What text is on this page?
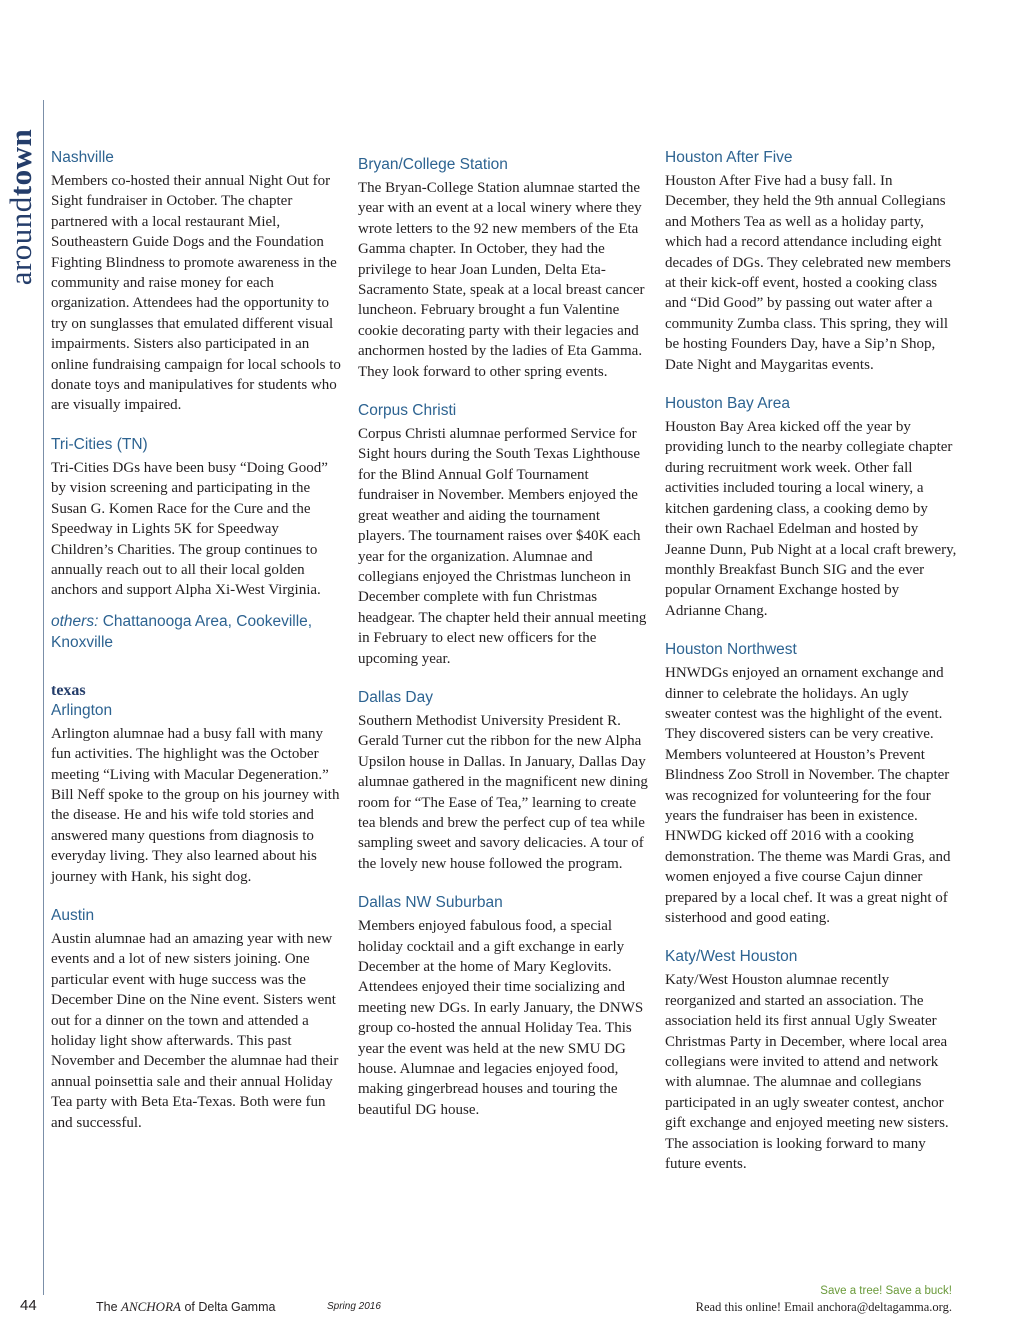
aroundtown Nashville
Members co-hosted their annual Night Out for Sight fundraiser in October. The chapter partnered with a local restaurant Miel, Southeastern Guide Dogs and the Foundation Fighting Blindness to promote awareness in the community and raise money for each organization. Attendees had the opportunity to try on sunglasses that emulated different visual impairments. Sisters also participated in an online fundraising campaign for local schools to donate toys and manipulatives for students who are visually impaired.
Tri-Cities (TN)
Tri-Cities DGs have been busy “Doing Good” by vision screening and participating in the Susan G. Komen Race for the Cure and the Speedway in Lights 5K for Speedway Children’s Charities. The group continues to annually reach out to all their local golden anchors and support Alpha Xi-West Virginia.
others: Chattanooga Area, Cookeville, Knoxville
texas
Arlington
Arlington alumnae had a busy fall with many fun activities. The highlight was the October meeting “Living with Macular Degeneration.” Bill Neff spoke to the group on his journey with the disease. He and his wife told stories and answered many questions from diagnosis to everyday living. They also learned about his journey with Hank, his sight dog.
Austin
Austin alumnae had an amazing year with new events and a lot of new sisters joining. One particular event with huge success was the December Dine on the Nine event. Sisters went out for a dinner on the town and attended a holiday light show afterwards. This past November and December the alumnae had their annual poinsettia sale and their annual Holiday Tea party with Beta Eta-Texas. Both were fun and successful.
Bryan/College Station
The Bryan-College Station alumnae started the year with an event at a local winery where they wrote letters to the 92 new members of the Eta Gamma chapter. In October, they had the privilege to hear Joan Lunden, Delta Eta-Sacramento State, speak at a local breast cancer luncheon. February brought a fun Valentine cookie decorating party with their legacies and anchormen hosted by the ladies of Eta Gamma. They look forward to other spring events.
Corpus Christi
Corpus Christi alumnae performed Service for Sight hours during the South Texas Lighthouse for the Blind Annual Golf Tournament fundraiser in November. Members enjoyed the great weather and aiding the tournament players. The tournament raises over $40K each year for the organization. Alumnae and collegians enjoyed the Christmas luncheon in December complete with fun Christmas headgear. The chapter held their annual meeting in February to elect new officers for the upcoming year.
Dallas Day
Southern Methodist University President R. Gerald Turner cut the ribbon for the new Alpha Upsilon house in Dallas. In January, Dallas Day alumnae gathered in the magnificent new dining room for “The Ease of Tea,” learning to create tea blends and brew the perfect cup of tea while sampling sweet and savory delicacies. A tour of the lovely new house followed the program.
Dallas NW Suburban
Members enjoyed fabulous food, a special holiday cocktail and a gift exchange in early December at the home of Mary Keglovits. Attendees enjoyed their time socializing and meeting new DGs. In early January, the DNWS group co-hosted the annual Holiday Tea. This year the event was held at the new SMU DG house. Alumnae and legacies enjoyed food, making gingerbread houses and touring the beautiful DG house.
Houston After Five
Houston After Five had a busy fall. In December, they held the 9th annual Collegians and Mothers Tea as well as a holiday party, which had a record attendance including eight decades of DGs. They celebrated new members at their kick-off event, hosted a cooking class and “Did Good” by passing out water after a community Zumba class. This spring, they will be hosting Founders Day, have a Sip’n Shop, Date Night and Maygaritas events.
Houston Bay Area
Houston Bay Area kicked off the year by providing lunch to the nearby collegiate chapter during recruitment work week. Other fall activities included touring a local winery, a kitchen gardening class, a cooking demo by their own Rachael Edelman and hosted by Jeanne Dunn, Pub Night at a local craft brewery, monthly Breakfast Bunch SIG and the ever popular Ornament Exchange hosted by Adrianne Chang.
Houston Northwest
HNWDGs enjoyed an ornament exchange and dinner to celebrate the holidays. An ugly sweater contest was the highlight of the event. They discovered sisters can be very creative. Members volunteered at Houston’s Prevent Blindness Zoo Stroll in November. The chapter was recognized for volunteering for the four years the fundraiser has been in existence. HNWDG kicked off 2016 with a cooking demonstration. The theme was Mardi Gras, and women enjoyed a five course Cajun dinner prepared by a local chef. It was a great night of sisterhood and good eating.
Katy/West Houston
Katy/West Houston alumnae recently reorganized and started an association. The association held its first annual Ugly Sweater Christmas Party in December, where local area collegians were invited to attend and network with alumnae. The alumnae and collegians participated in an ugly sweater contest, anchor gift exchange and enjoyed meeting new sisters. The association is looking forward to many future events.
44	The ANCHORA of Delta Gamma	Spring 2016
Save a tree! Save a buck!
Read this online! Email anchora@deltagamma.org.
